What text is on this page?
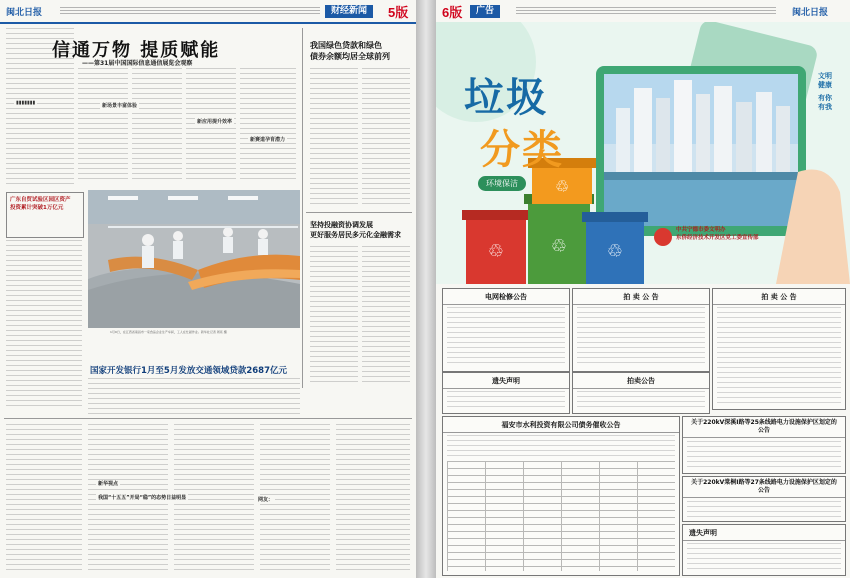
闽北日报	财经新闻	5版
▮▮▮▮▮▮▮
信通万物 提质赋能
——第31届中国国际信息通信展览会观察
新场景丰富体验
新应用提升效率
新赛道孕育潜力
我国绿色贷款和绿色
债券余额均居全球前列
坚持投融资协调发展
更好服务居民多元化金融需求
广东自贸试验区园区资产
投资累计突破1万亿元
1月9日，在江西省南昌市一家食品企业生产车间，工人在忙碌作业。新华社记者 周亮 摄
国家开发银行1月至5月发放交通领域贷款2687亿元
我国“十五五”开局“稳”的态势日益明显
新华视点
网友：
6版	广告	闽北日报
♲	♲ ♲
♲
垃圾
分类
环境保洁
文明健康
有你有我
中共宁德市委文明办
东侨经济技术开发区党工委宣传部
电网检修公告	拍 卖 公 告	拍 卖 公 告
遗失声明	拍卖公告
福安市水利投资有限公司债务催收公告	关于220kV深溪Ⅰ路等25条线路电力设施保护区划定的公告
关于220kV棠桐Ⅰ路等27条线路电力设施保护区划定的公告
遗失声明
